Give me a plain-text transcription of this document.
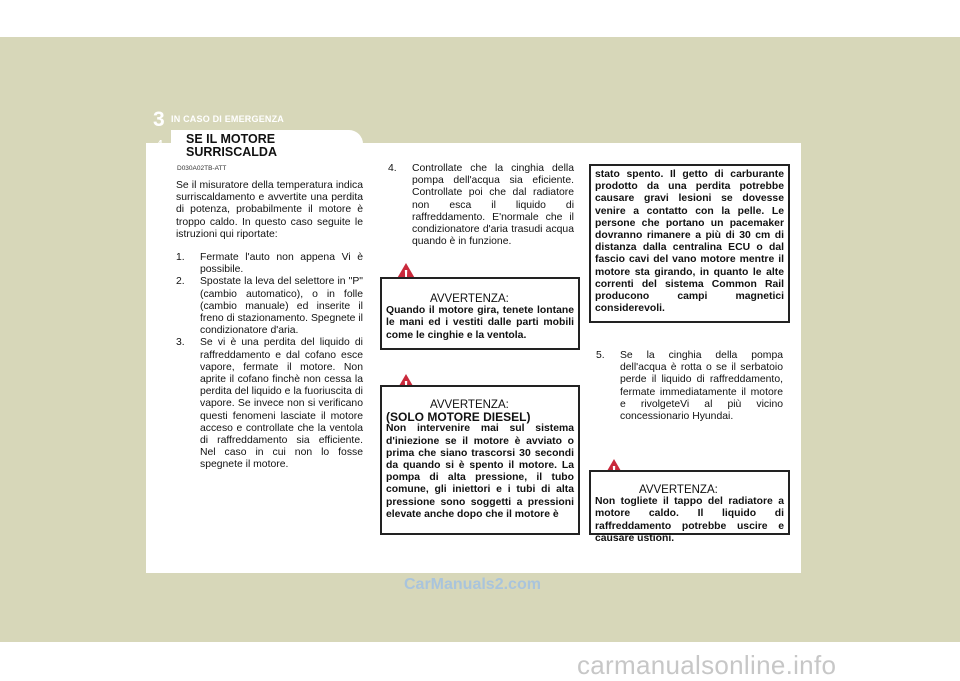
3 IN CASO DI EMERGENZA
4 SE IL MOTORE
SURRISCALDA
D030A02TB-ATT

Se il misuratore della temperatura indica surriscaldamento e avvertite una perdita di potenza, probabilmente il motore è troppo caldo. In questo caso seguite le istruzioni qui riportate:

1. Fermate l'auto non appena Vi è possibile.
2. Spostate la leva del selettore in "P" (cambio automatico), o in folle (cambio manuale) ed inserite il freno di stazionamento. Spegnete il condizionatore d'aria.
3. Se vi è una perdita del liquido di raffreddamento e dal cofano esce vapore, fermate il motore. Non aprite il cofano finchè non cessa la perdita del liquido e la fuoriuscita di vapore. Se invece non si verificano questi fenomeni lasciate il motore acceso e controllate che la ventola di raffreddamento sia efficiente. Nel caso in cui non lo fosse spegnete il motore.
4. Controllate che la cinghia della pompa dell'acqua sia eficiente. Controllate poi che dal radiatore non esca il liquido di raffreddamento. E'normale che il condizionatore d'aria trasudi acqua quando è in funzione.
AVVERTENZA:
Quando il motore gira, tenete lontane le mani ed i vestiti dalle parti mobili come le cinghie e la ventola.
AVVERTENZA:
(SOLO MOTORE DIESEL)
Non intervenire mai sul sistema d'iniezione se il motore è avviato o prima che siano trascorsi 30 secondi da quando si è spento il motore. La pompa di alta pressione, il tubo comune, gli iniettori e i tubi di alta pressione sono soggetti a pressioni elevate anche dopo che il motore è
stato spento. Il getto di carburante prodotto da una perdita potrebbe causare gravi lesioni se dovesse venire a contatto con la pelle. Le persone che portano un pacemaker dovranno rimanere a più di 30 cm di distanza dalla centralina ECU o dal fascio cavi del vano motore mentre il motore sta girando, in quanto le alte correnti del sistema Common Rail producono campi magnetici considerevoli.
5. Se la cinghia della pompa dell'acqua è rotta o se il serbatoio perde il liquido di raffreddamento, fermate immediatamente il motore e rivolgeteVi al più vicino concessionario Hyundai.
AVVERTENZA:
Non togliete il tappo del radiatore a motore caldo. Il liquido di raffreddamento potrebbe uscire e causare ustioni.
CarManuals2.com
carmanualsonline.info
